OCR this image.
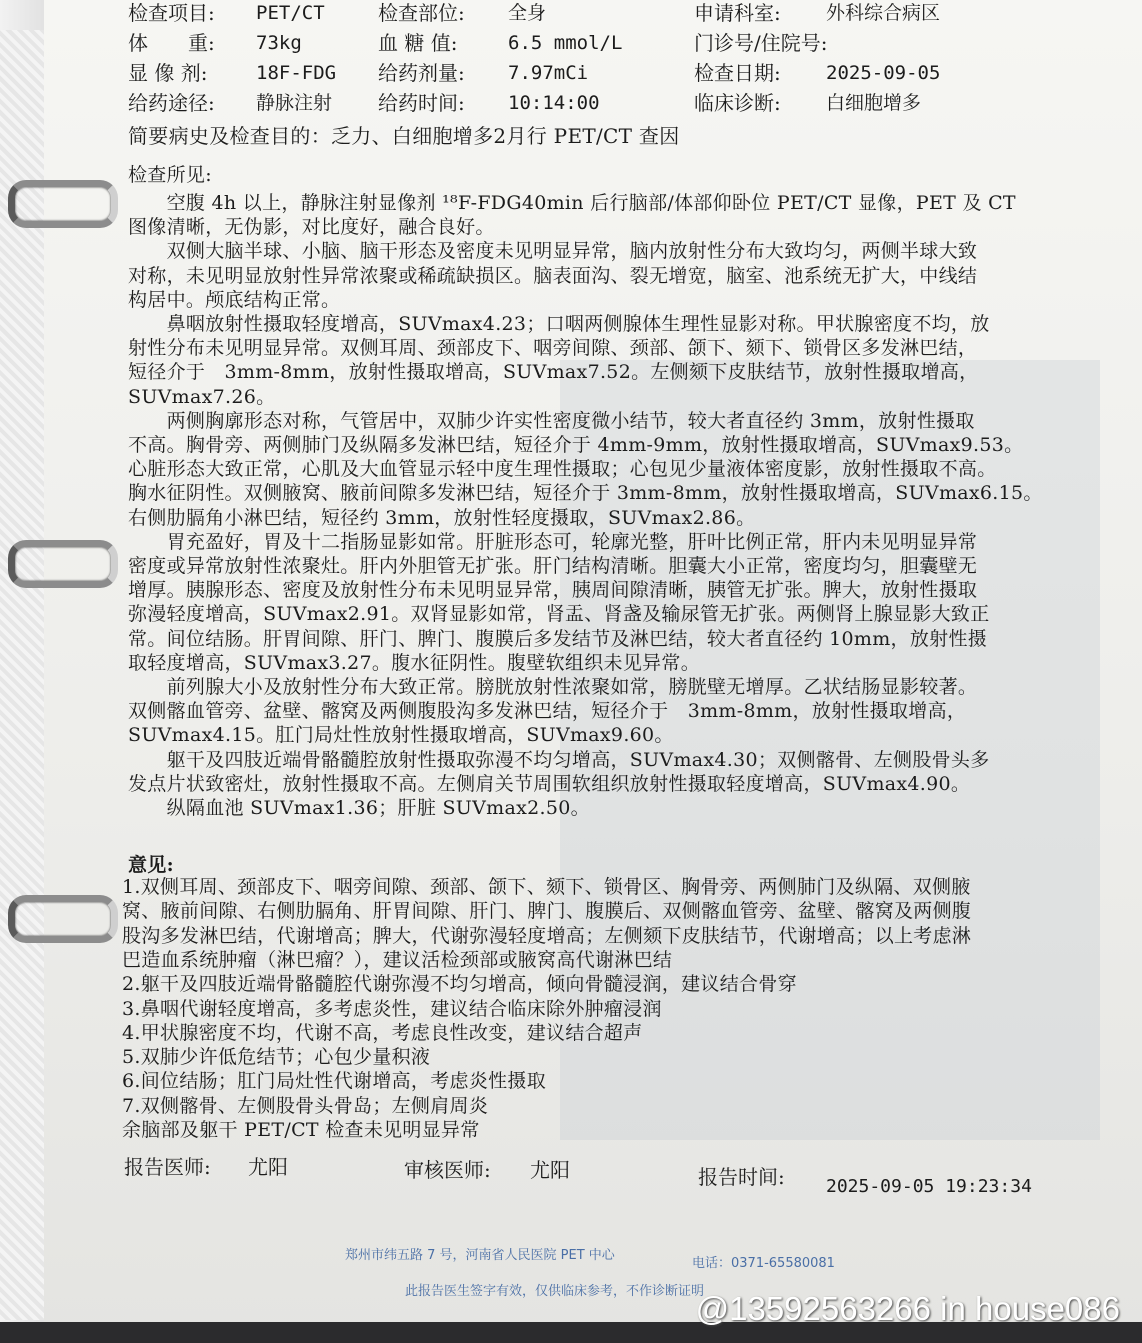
检查项目: PET/CT	检查部位: 全身	申请科室: 外科综合病区
体　　重: 73kg	血 糖 值:	6.5 mmol/L	门诊号/住院号:
显 像 剂:	18F-FDG 给药剂量: 7.97mCi	检查日期: 2025-09-05
给药途径: 静脉注射 给药时间: 10:14:00	临床诊断: 白细胞增多
简要病史及检查目的：乏力、白细胞增多2月行 PET/CT 查因
检查所见:
　　空腹 4h 以上，静脉注射显像剂 ¹⁸F-FDG40min 后行脑部/体部仰卧位 PET/CT 显像，PET 及 CT
图像清晰，无伪影，对比度好，融合良好。
　　双侧大脑半球、小脑、脑干形态及密度未见明显异常，脑内放射性分布大致均匀，两侧半球大致
对称，未见明显放射性异常浓聚或稀疏缺损区。脑表面沟、裂无增宽，脑室、池系统无扩大，中线结
构居中。颅底结构正常。
　　鼻咽放射性摄取轻度增高，SUVmax4.23；口咽两侧腺体生理性显影对称。甲状腺密度不均，放
射性分布未见明显异常。双侧耳周、颈部皮下、咽旁间隙、颈部、颌下、颏下、锁骨区多发淋巴结，
短径介于　3mm-8mm，放射性摄取增高，SUVmax7.52。左侧颏下皮肤结节，放射性摄取增高，
SUVmax7.26。
　　两侧胸廓形态对称，气管居中，双肺少许实性密度微小结节，较大者直径约 3mm，放射性摄取
不高。胸骨旁、两侧肺门及纵隔多发淋巴结，短径介于 4mm-9mm，放射性摄取增高，SUVmax9.53。
心脏形态大致正常，心肌及大血管显示轻中度生理性摄取；心包见少量液体密度影，放射性摄取不高。
胸水征阴性。双侧腋窝、腋前间隙多发淋巴结，短径介于 3mm-8mm，放射性摄取增高，SUVmax6.15。
右侧肋膈角小淋巴结，短径约 3mm，放射性轻度摄取，SUVmax2.86。
　　胃充盈好，胃及十二指肠显影如常。肝脏形态可，轮廓光整，肝叶比例正常，肝内未见明显异常
密度或异常放射性浓聚灶。肝内外胆管无扩张。肝门结构清晰。胆囊大小正常，密度均匀，胆囊壁无
增厚。胰腺形态、密度及放射性分布未见明显异常，胰周间隙清晰，胰管无扩张。脾大，放射性摄取
弥漫轻度增高，SUVmax2.91。双肾显影如常，肾盂、肾盏及输尿管无扩张。两侧肾上腺显影大致正
常。间位结肠。肝胃间隙、肝门、脾门、腹膜后多发结节及淋巴结，较大者直径约 10mm，放射性摄
取轻度增高，SUVmax3.27。腹水征阴性。腹壁软组织未见异常。
　　前列腺大小及放射性分布大致正常。膀胱放射性浓聚如常，膀胱壁无增厚。乙状结肠显影较著。
双侧髂血管旁、盆壁、髂窝及两侧腹股沟多发淋巴结，短径介于　3mm-8mm，放射性摄取增高，
SUVmax4.15。肛门局灶性放射性摄取增高，SUVmax9.60。
　　躯干及四肢近端骨骼髓腔放射性摄取弥漫不均匀增高，SUVmax4.30；双侧髂骨、左侧股骨头多
发点片状致密灶，放射性摄取不高。左侧肩关节周围软组织放射性摄取轻度增高，SUVmax4.90。
　　纵隔血池 SUVmax1.36；肝脏 SUVmax2.50。
意见:
1.双侧耳周、颈部皮下、咽旁间隙、颈部、颌下、颏下、锁骨区、胸骨旁、两侧肺门及纵隔、双侧腋
窝、腋前间隙、右侧肋膈角、肝胃间隙、肝门、脾门、腹膜后、双侧髂血管旁、盆壁、髂窝及两侧腹
股沟多发淋巴结，代谢增高；脾大，代谢弥漫轻度增高；左侧颏下皮肤结节，代谢增高；以上考虑淋
巴造血系统肿瘤（淋巴瘤？），建议活检颈部或腋窝高代谢淋巴结
2.躯干及四肢近端骨骼髓腔代谢弥漫不均匀增高，倾向骨髓浸润，建议结合骨穿
3.鼻咽代谢轻度增高，多考虑炎性，建议结合临床除外肿瘤浸润
4.甲状腺密度不均，代谢不高，考虑良性改变，建议结合超声
5.双肺少许低危结节；心包少量积液
6.间位结肠；肛门局灶性代谢增高，考虑炎性摄取
7.双侧髂骨、左侧股骨头骨岛；左侧肩周炎
余脑部及躯干 PET/CT 检查未见明显异常
报告医师: 尤阳	审核医师: 尤阳	报告时间: 2025-09-05 19:23:34
郑州市纬五路 7 号，河南省人民医院 PET 中心
电话：0371-65580081
此报告医生签字有效，仅供临床参考，不作诊断证明
@13592563266 in house086
